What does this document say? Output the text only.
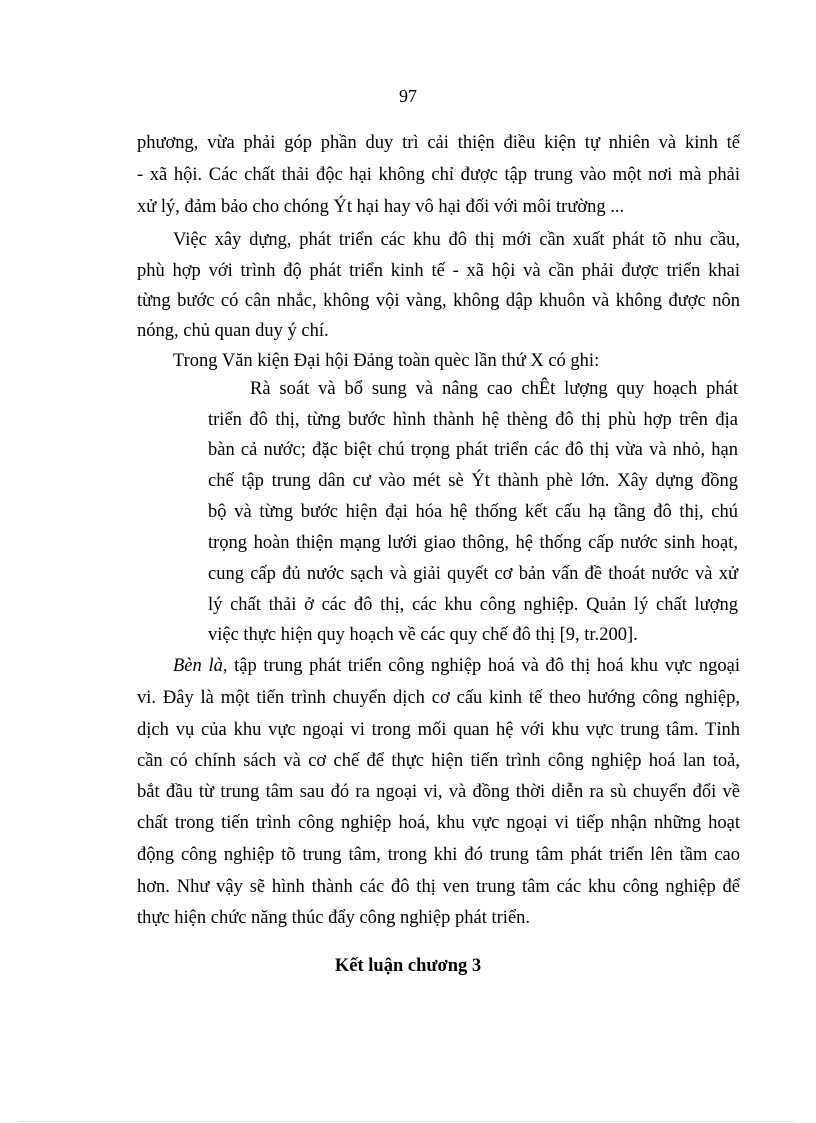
97
phương, vừa phải góp phần duy trì cải thiện điều kiện tự nhiên và kinh tế
- xã hội. Các chất thải độc hại không chỉ được tập trung vào một nơi mà phải
xử lý, đảm bảo cho chóng Ýt hại hay vô hại đối với môi trường ...
Việc xây dựng, phát triển các khu đô thị mới cần xuất phát tõ nhu cầu,
phù hợp với trình độ phát triển kinh tế - xã hội và cần phải được triển khai
từng bước có cân nhắc, không vội vàng, không dập khuôn và không được nôn
nóng, chủ quan duy ý chí.
Trong Văn kiện Đại hội Đảng toàn quèc lần thứ X có ghi:
Rà soát và bổ sung và nâng cao chÊt lượng quy hoạch phát
triển đô thị, từng bước hình thành hệ thèng đô thị phù hợp trên địa
bàn cả nước; đặc biệt chú trọng phát triển các đô thị vừa và nhỏ, hạn
chế tập trung dân cư vào mét sè Ýt thành phè lớn. Xây dựng đồng
bộ và từng bước hiện đại hóa hệ thống kết cấu hạ tầng đô thị, chú
trọng hoàn thiện mạng lưới giao thông, hệ thống cấp nước sinh hoạt,
cung cấp đủ nước sạch và giải quyết cơ bản vấn đề thoát nước và xử
lý chất thải ở các đô thị, các khu công nghiệp. Quản lý chất lượng
việc thực hiện quy hoạch về các quy chế đô thị [9, tr.200].
Bèn là, tập trung phát triển công nghiệp hoá và đô thị hoá khu vực ngoại
vi. Đây là một tiến trình chuyển dịch cơ cấu kinh tế theo hướng công nghiệp,
dịch vụ của khu vực ngoại vi trong mối quan hệ với khu vực trung tâm. Tỉnh
cần có chính sách và cơ chế để thực hiện tiến trình công nghiệp hoá lan toả,
bắt đầu từ trung tâm sau đó ra ngoại vi, và đồng thời diễn ra sù chuyển đổi về
chất trong tiến trình công nghiệp hoá, khu vực ngoại vi tiếp nhận những hoạt
động công nghiệp tõ trung tâm, trong khi đó trung tâm phát triển lên tầm cao
hơn. Như vậy sẽ hình thành các đô thị ven trung tâm các khu công nghiệp để
thực hiện chức năng thúc đẩy công nghiệp phát triển.
Kết luận chương 3
